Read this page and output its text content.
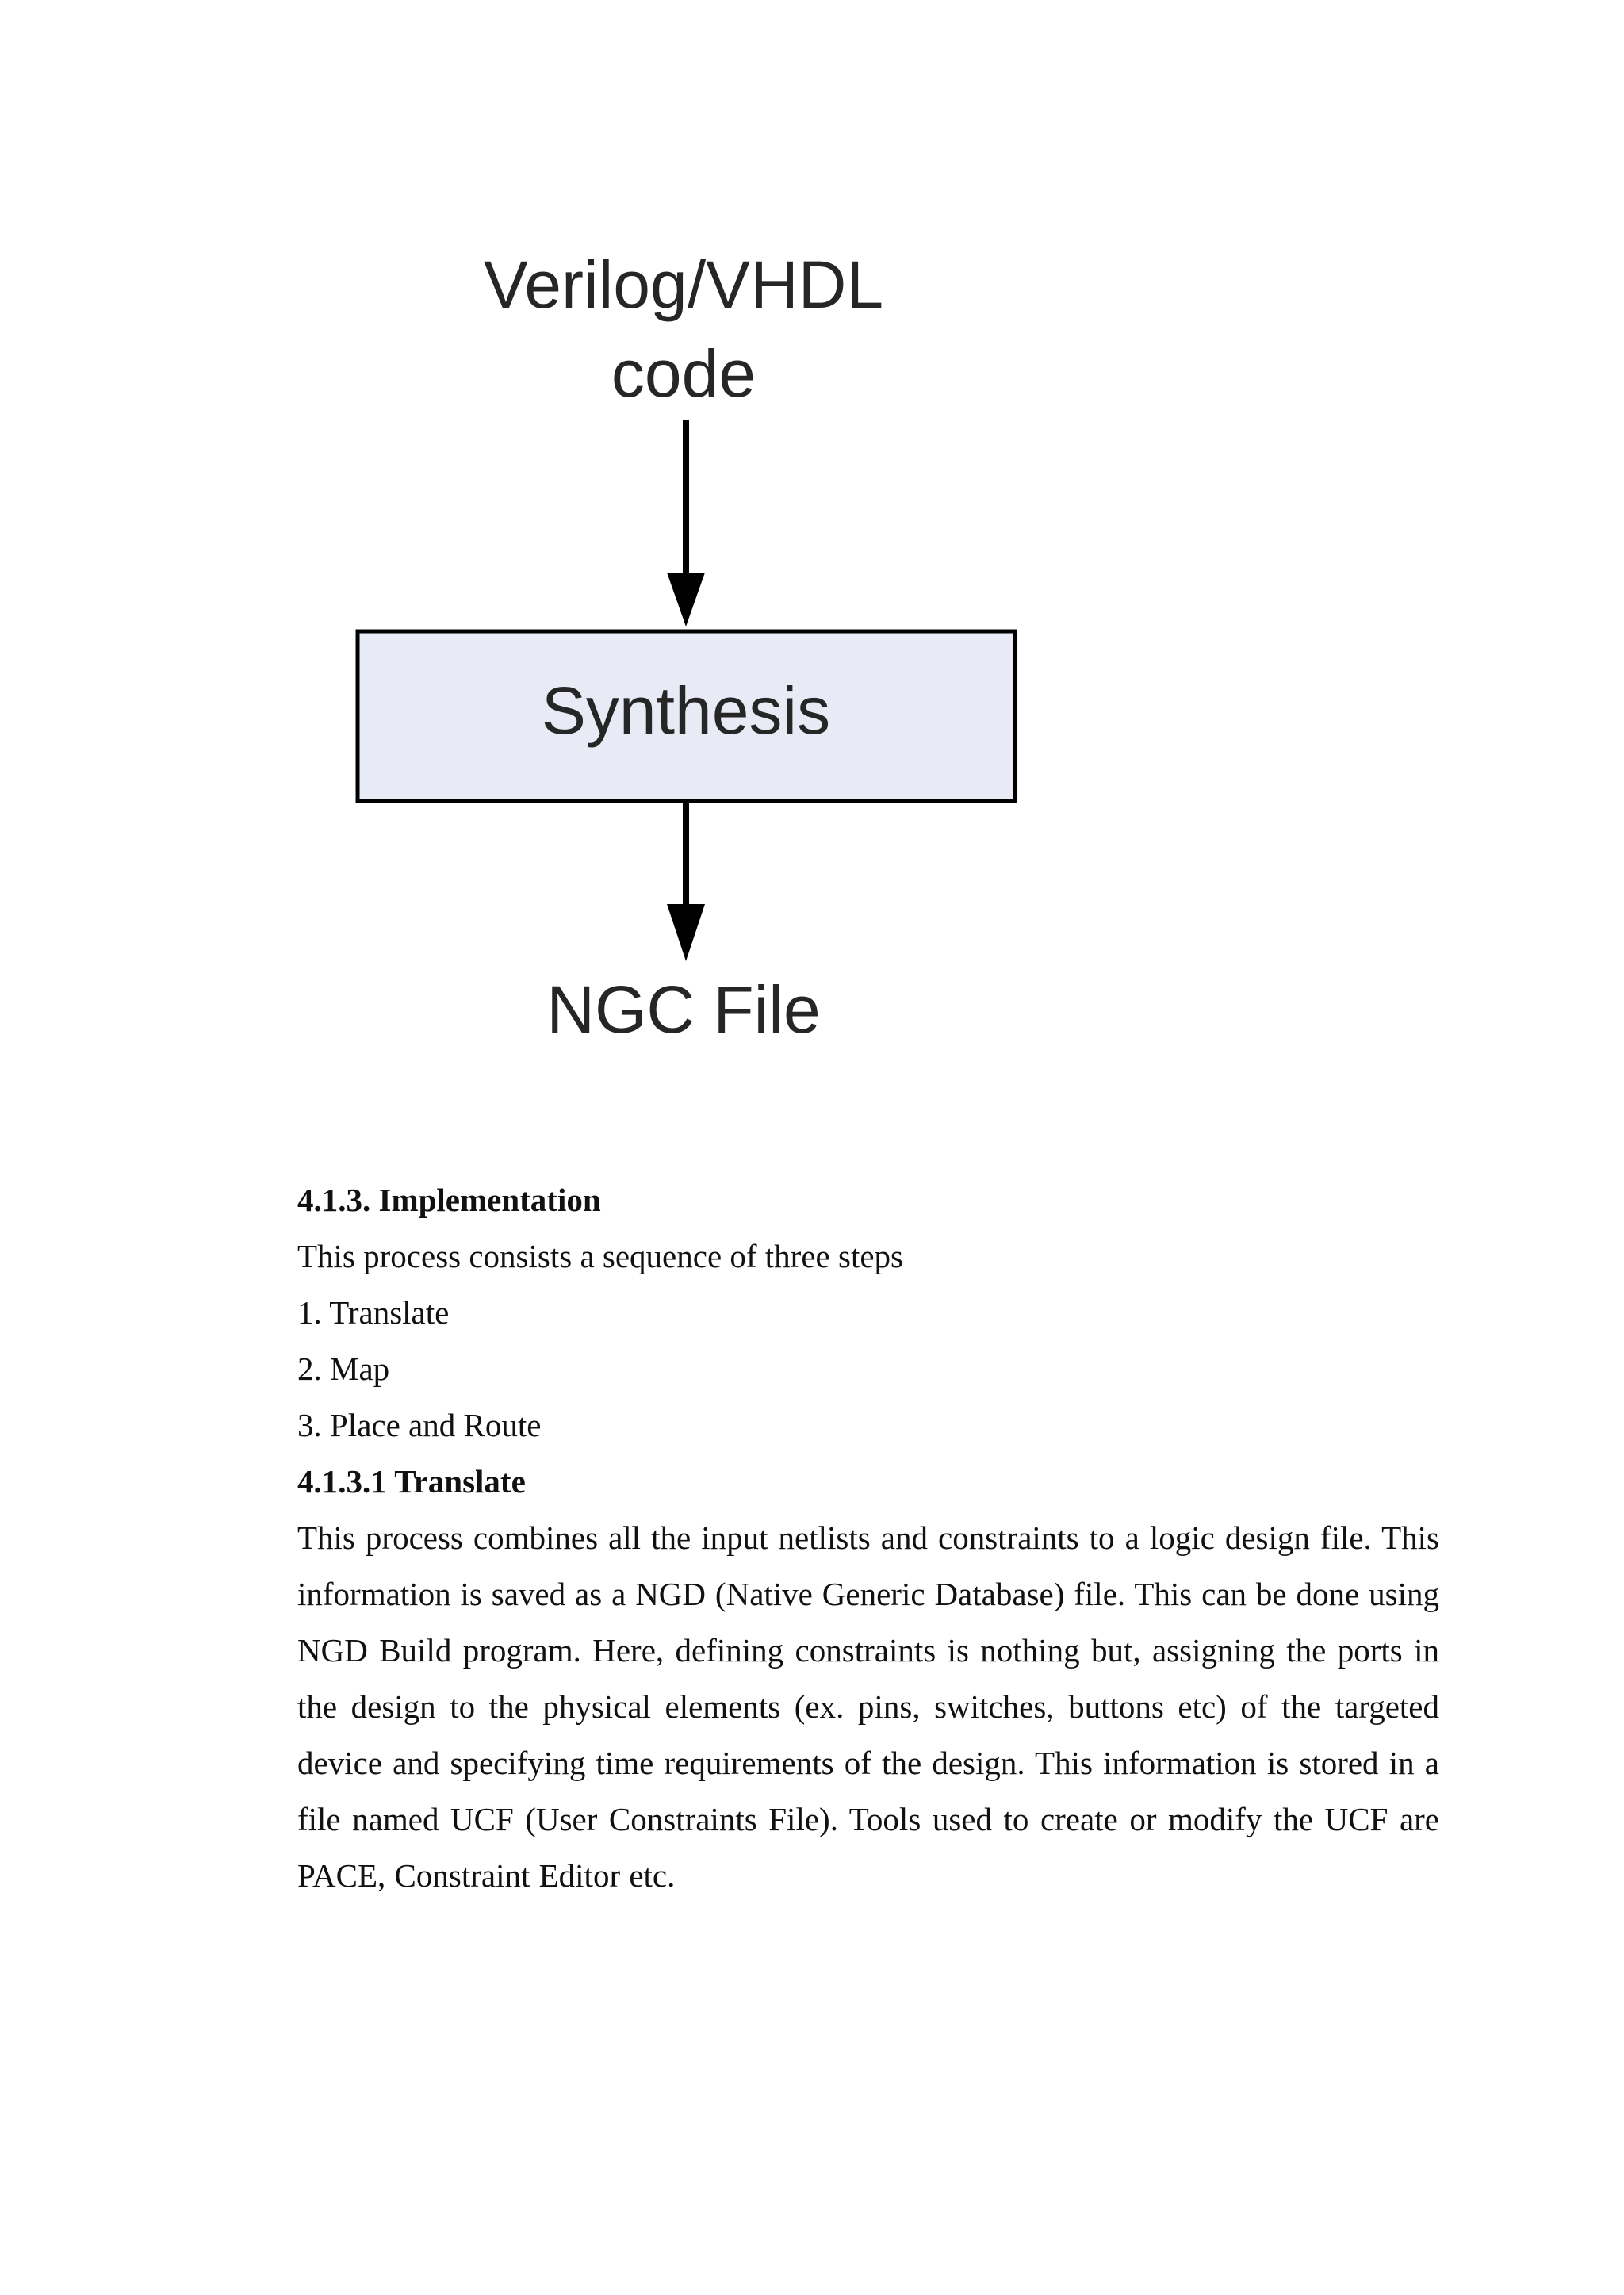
Verilog/VHDL
code
Synthesis
NGC File
4.1.3. Implementation
This process consists a sequence of three steps
1. Translate
2. Map
3. Place and Route
4.1.3.1 Translate
This process combines all the input netlists and constraints to a logic design file. This information is saved as a NGD (Native Generic Database) file. This can be done using NGD Build program. Here, defining constraints is nothing but, assigning the ports in the design to the physical elements (ex. pins, switches, buttons etc) of the targeted device and specifying time requirements of the design. This information is stored in a file named UCF (User Constraints File). Tools used to create or modify the UCF are PACE, Constraint Editor etc.
